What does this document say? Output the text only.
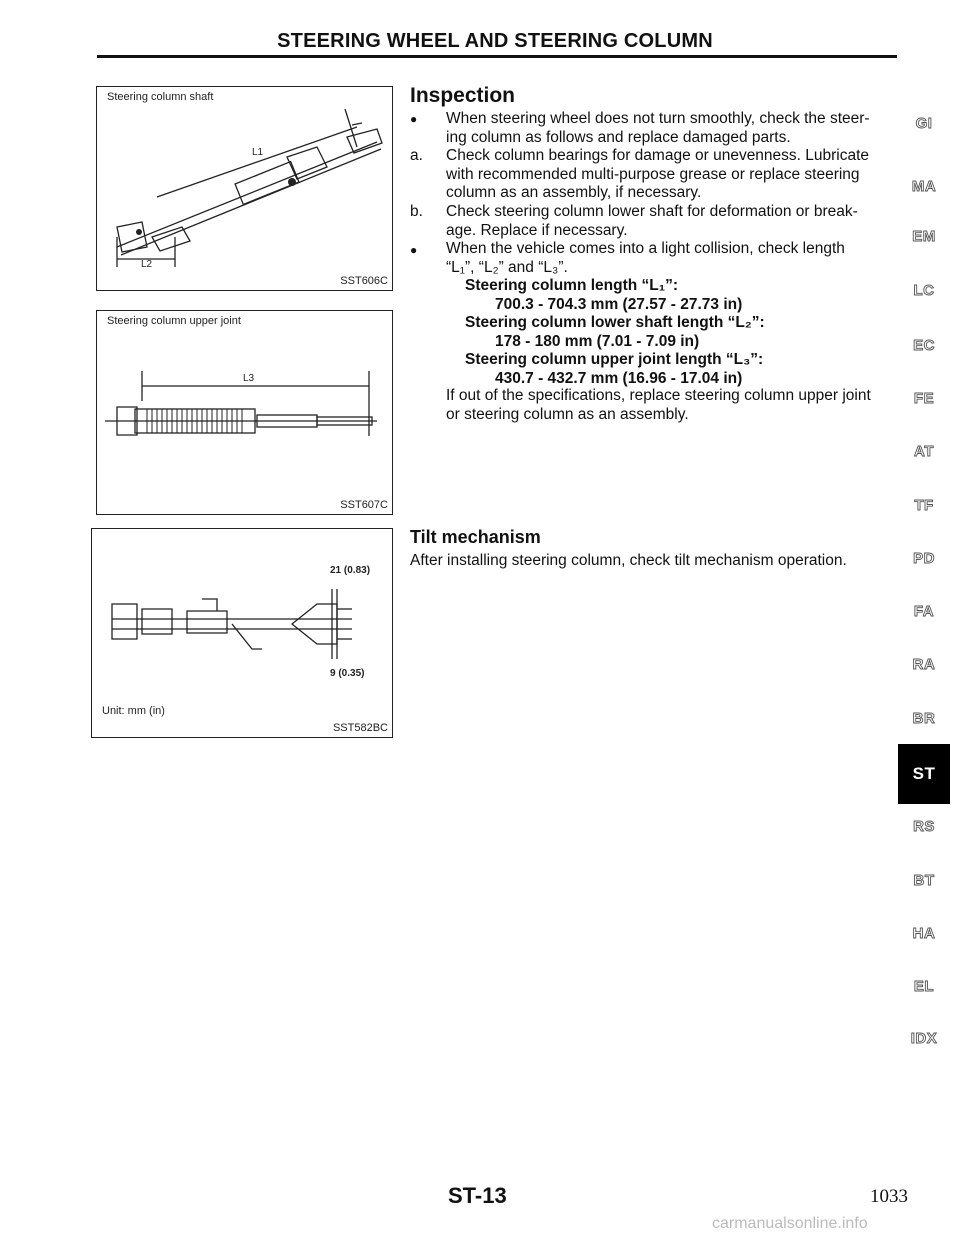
STEERING WHEEL AND STEERING COLUMN
Steering column shaft
L1
L2
SST606C
Steering column upper joint
L3
SST607C
21 (0.83)
9 (0.35)
Unit: mm (in)
SST582BC
Inspection
● When steering wheel does not turn smoothly, check the steer-
ing column as follows and replace damaged parts.
a. Check column bearings for damage or unevenness. Lubricate
with recommended multi-purpose grease or replace steering
column as an assembly, if necessary.
b. Check steering column lower shaft for deformation or break-
age. Replace if necessary.
● When the vehicle comes into a light collision, check length
“L₁”, “L₂” and “L₃”.
Steering column length “L₁”:
700.3 - 704.3 mm (27.57 - 27.73 in)
Steering column lower shaft length “L₂”:
178 - 180 mm (7.01 - 7.09 in)
Steering column upper joint length “L₃”:
430.7 - 432.7 mm (16.96 - 17.04 in)
If out of the specifications, replace steering column upper joint
or steering column as an assembly.
Tilt mechanism
After installing steering column, check tilt mechanism operation.
GI
MA
EM
LC
EC
FE
AT
TF
PD
FA
RA
BR
ST
RS
BT
HA
EL
IDX
ST-13	1033
carmanualsonline.info
